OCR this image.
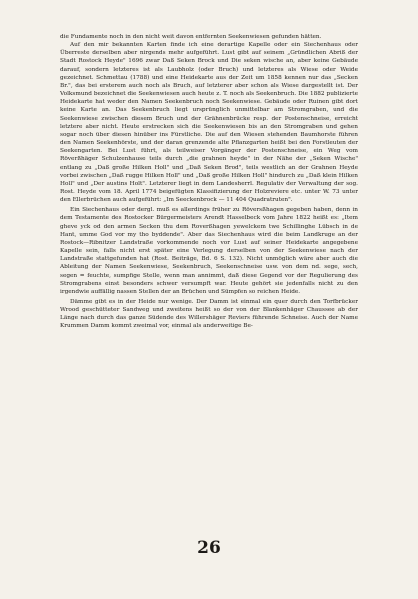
die Fundamente noch in den nicht weit davon entfernten Seekenwiesen gefunden hätten.

Auf den mir bekannten Karten finde ich eine derartige Kapelle oder ein Siechenhaus oder Überreste derselben aber nirgends mehr aufgeführt. Lust gibt auf seinem „Gründlichen Abriß der Stadt Rostock Heyde" 1696 zwar Daß Seken Brock und Die seken wische an, aber keine Gebäude darauf, sondern letzteres ist als Laubholz (oder Bruch) und letzteres als Wiese oder Weide gezeichnet. Schmettau (1788) und eine Heidekarte aus der Zeit um 1858 kennen nur das „Secken Br.", das bei ersterem auch noch als Bruch, auf letzterer aber schon als Wiese dargestellt ist. Der Volksmund bezeichnet die Seekenwiesen auch heute z. T. noch als Seekenbruch. Die 1882 publizierte Heidekarte hat weder den Namen Seekenbruch noch Seekenwiese. Gebäude oder Ruinen gibt dort keine Karte an. Das Seekenbruch liegt ursprünglich unmittelbar am Stromgraben, und die Seekenwiese zwischen diesem Bruch und der Grähnenbrücke resp. der Postenschneise, erreicht letztere aber nicht. Heute erstrecken sich die Seekenwiesen bis an den Stromgraben und gehen sogar noch über diesen hinüber ins Fürstliche. Die auf den Wiesen stehenden Baumhorste führen den Namen Seekenhörste, und der daran grenzende alte Pflanzgarten heißt bei den Forstleuten der Seekengarten. Bei Lust führt, als teilweiser Vorgänger der Postenschneise, ein Weg vom Röverßhäger Schulzenhause teils durch „die grahnen heyde" in der Nähe der „Seken Wische" entlang zu „Daß große Hilken Holl" und „Daß Seken Brod", teils westlich an der Grahnen Heyde vorbei zwischen „Daß rugge Hilken Holl" und „Daß große Hilken Holl" hindurch zu „Daß klein Hilken Holl" und „Der austins Holt". Letzterer liegt in dem Landesherrl. Regulativ der Verwaltung der sog. Rost. Heyde vom 18. April 1774 beigefügten Klassifizierung der Holzreviere etc. unter W. 73 unter den Ellerbrüchen auch aufgeführt: „Im Seeckenbrock — 11 404 Quadratruten".

Ein Siechenhaus oder dergl. muß es allerdings früher zu Röversßhagen gegeben haben, denn in dem Testamente des Rostocker Bürgermeisters Arendt Hasselbeck vom Jahre 1822 heißt es: „Item gheve yck od den armen Secken thu dem Roverßhagen yewelckem twe Schillinghe Lübsch in de Hant, umme God vor my tho byddende". Aber das Siechenhaus wird die beim Landkruge an der Rostock—Ribnitzer Landstraße vorkommende noch vor Lust auf seiner Heidekarte angegebene Kapelle sein, falls nicht erst später eine Verlegung derselben von der Seekenwiese nach der Landstraße stattgefunden hat (Rost. Beiträge, Bd. 6 S. 132). Nicht unmöglich wäre aber auch die Ableitung der Namen Seekenwiese, Seekenbruch, Seekenschneise usw. von dem nd. sege, sech, segen = feuchte, sumpfige Stelle, wenn man annimmt, daß diese Gegend vor der Regulierung des Stromgrabens einst besonders schwer versumpft war. Heute gehört sie jedenfalls nicht zu den irgendwie auffällig nassen Stellen der an Brüchen und Sümpfen so reichen Heide.

Dämme gibt es in der Heide nur wenige. Der Damm ist einmal ein quer durch den Torfbrücker Wrood geschütteter Sandweg und zweitens heißt so der von der Blankenhäger Chaussee ab der Länge nach durch das ganze Südende des Willershäger Reviers führende Schneise. Auch der Name Krummen Damm kommt zweimal vor, einmal als anderweitige Be-

26
